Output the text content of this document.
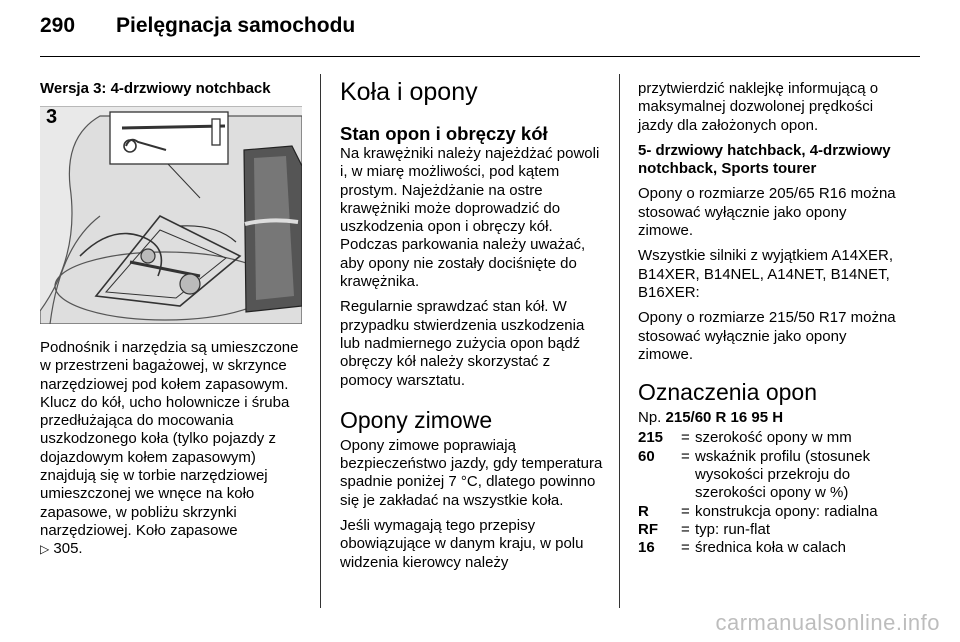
290 Pielęgnacja samochodu
Wersja 3: 4-drzwiowy notchback
3

Podnośnik i narzędzia są umieszczone w przestrzeni bagażowej, w skrzynce narzędziowej pod kołem zapasowym. Klucz do kół, ucho holownicze i śruba przedłużająca do mocowania uszkodzonego koła (tylko pojazdy z dojazdowym kołem zapasowym) znajdują się w torbie narzędziowej umieszczonej we wnęce na koło zapasowe, w pobliżu skrzynki narzędziowej. Koło zapasowe
▷ 305.

Koła i opony
Stan opon i obręczy kół

Na krawężniki należy najeżdżać powoli i, w miarę możliwości, pod kątem prostym. Najeżdżanie na ostre krawężniki może doprowadzić do uszkodzenia opon i obręczy kół. Podczas parkowania należy uważać, aby opony nie zostały dociśnięte do krawężnika.

Regularnie sprawdzać stan kół. W przypadku stwierdzenia uszkodzenia lub nadmiernego zużycia opon bądź obręczy kół należy skorzystać z pomocy warsztatu.

Opony zimowe

Opony zimowe poprawiają bezpieczeństwo jazdy, gdy temperatura spadnie poniżej 7 °C, dlatego powinno się je zakładać na wszystkie koła.

Jeśli wymagają tego przepisy obowiązujące w danym kraju, w polu widzenia kierowcy należy

przytwierdzić naklejkę informującą o maksymalnej dozwolonej prędkości jazdy dla założonych opon.

5- drzwiowy hatchback, 4-drzwiowy notchback, Sports tourer

Opony o rozmiarze 205/65 R16 można stosować wyłącznie jako opony zimowe.

Wszystkie silniki z wyjątkiem A14XER, B14XER, B14NEL, A14NET, B14NET, B16XER:

Opony o rozmiarze 215/50 R17 można stosować wyłącznie jako opony zimowe.

Oznaczenia opon

Np. 215/60 R 16 95 H

215	=	szerokość opony w mm
60	=	wskaźnik profilu (stosunek wysokości przekroju do szerokości opony w %)
R	=	konstrukcja opony: radialna
RF	=	typ: run-flat
16	=	średnica koła w calach
carmanualsonline.info
